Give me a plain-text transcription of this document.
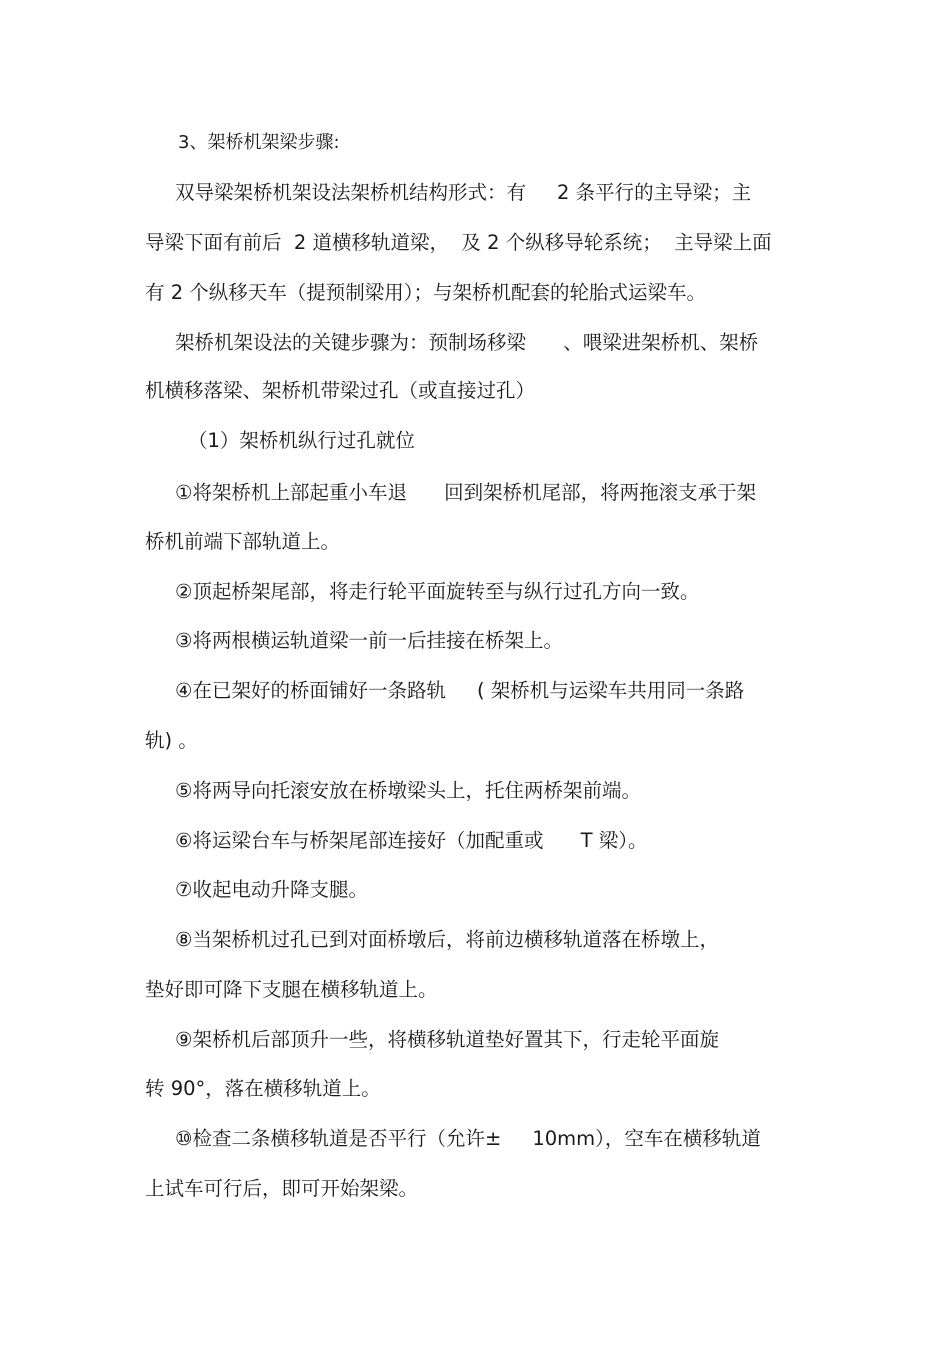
3、架桥机架梁步骤:
双导梁架桥机架设法架桥机结构形式：有     2 条平行的主导梁；主
导梁下面有前后  2 道横移轨道梁，  及 2 个纵移导轮系统；  主导梁上面
有 2 个纵移天车（提预制梁用）；与架桥机配套的轮胎式运梁车。
架桥机架设法的关键步骤为：预制场移梁      、喂梁进架桥机、架桥
机横移落梁、架桥机带梁过孔（或直接过孔）
（1）架桥机纵行过孔就位
①将架桥机上部起重小车退      回到架桥机尾部，将两拖滚支承于架
桥机前端下部轨道上。
②顶起桥架尾部，将走行轮平面旋转至与纵行过孔方向一致。
③将两根横运轨道梁一前一后挂接在桥架上。
④在已架好的桥面铺好一条路轨     ( 架桥机与运梁车共用同一条路
轨) 。
⑤将两导向托滚安放在桥墩梁头上，托住两桥架前端。
⑥将运梁台车与桥架尾部连接好（加配重或      T 梁）。
⑦收起电动升降支腿。
⑧当架桥机过孔已到对面桥墩后，将前边横移轨道落在桥墩上，
垫好即可降下支腿在横移轨道上。
⑨架桥机后部顶升一些，将横移轨道垫好置其下，行走轮平面旋
转 90°，落在横移轨道上。
⑩检查二条横移轨道是否平行（允许±     10mm），空车在横移轨道
上试车可行后，即可开始架梁。
